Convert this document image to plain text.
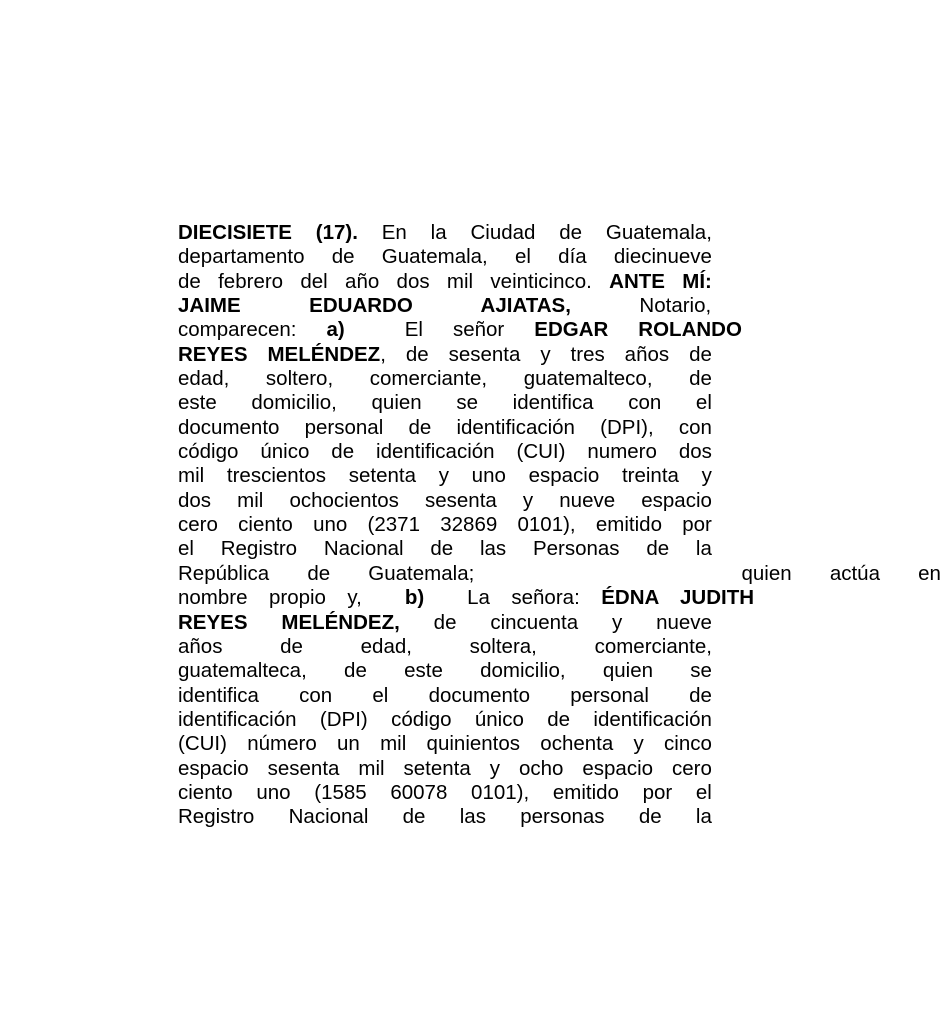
DIECISIETE (17). En la Ciudad de Guatemala,
departamento de Guatemala, el día diecinueve
de febrero del año dos mil veinticinco. ANTE MÍ:
JAIME EDUARDO AJIATAS, Notario,
comparecen: a)  El señor EDGAR ROLANDO
REYES MELÉNDEZ, de sesenta y tres años de
edad, soltero, comerciante, guatemalteco, de
este domicilio, quien se identifica con el
documento personal de identificación (DPI), con
código único de identificación (CUI) numero dos
mil trescientos setenta y uno espacio treinta y
dos mil ochocientos sesenta y nueve espacio
cero ciento uno (2371 32869 0101), emitido por
el Registro Nacional de las Personas de la
República de Guatemala;       quien actúa en
nombre propio y,  b)  La señora: ÉDNA JUDITH
REYES MELÉNDEZ, de cincuenta y nueve
años de edad, soltera, comerciante,
guatemalteca, de este domicilio, quien se
identifica con el documento personal de
identificación (DPI) código único de identificación
(CUI) número un mil quinientos ochenta y cinco
espacio sesenta mil setenta y ocho espacio cero
ciento uno (1585 60078 0101), emitido por el
Registro Nacional de las personas de la
